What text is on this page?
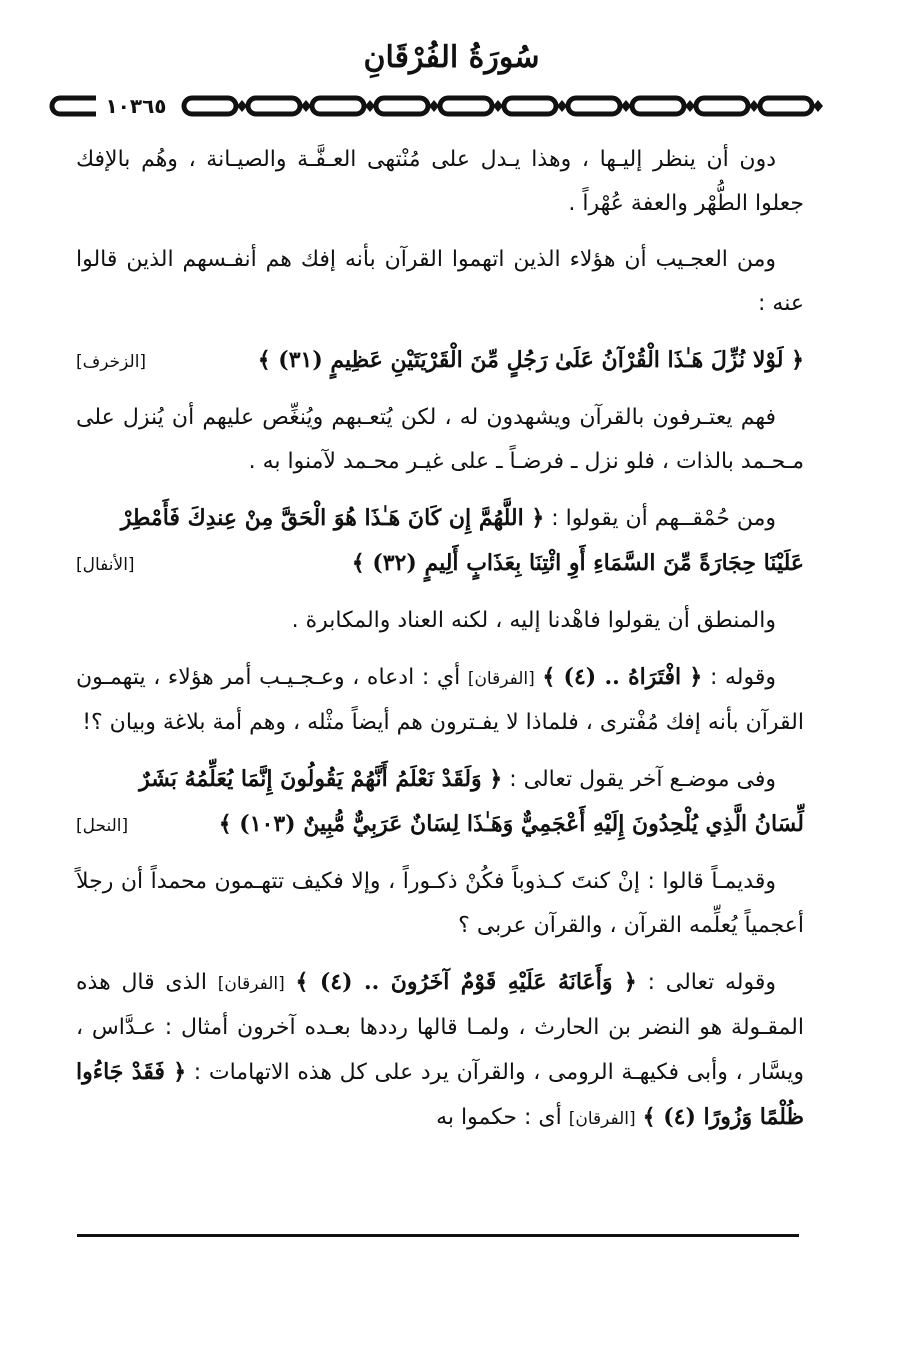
سُورَةُ الفُرْقَانِ
١٠٣٦٥

دون أن ينظر إليـها ، وهذا يـدل على مُنْتهى العـفَّـة والصيـانة ، وهُم بالإفك جعلوا الطُّهْر والعفة عُهْراً .

ومن العجـيب أن هؤلاء الذين اتهموا القرآن بأنه إفك هم أنفـسهم الذين قالوا عنه :

﴿ لَوْلا نُزِّلَ هَـٰذَا الْقُرْآنُ عَلَىٰ رَجُلٍ مِّنَ الْقَرْيَتَيْنِ عَظِيمٍ (٣١) ﴾
[الزخرف]

فهم يعتـرفون بالقرآن ويشهدون له ، لكن يُتعـبهم ويُنغِّص عليهم أن يُنزل على مـحـمد بالذات ، فلو نزل ـ فرضـاً ـ على غيـر محـمد لآمنوا به .

ومن حُمْقــهم أن يقولوا : ﴿ اللَّهُمَّ إِن كَانَ هَـٰذَا هُوَ الْحَقَّ مِنْ عِندِكَ فَأَمْطِرْ

عَلَيْنَا حِجَارَةً مِّنَ السَّمَاءِ أَوِ ائْتِنَا بِعَذَابٍ أَلِيمٍ (٣٢) ﴾
[الأنفال]

والمنطق أن يقولوا فاهْدنا إليه ، لكنه العناد والمكابرة .

وقوله : ﴿ افْتَرَاهُ .. (٤) ﴾ [الفرقان] أي : ادعاه ، وعـجـيـب أمر هؤلاء ، يتهمـون القرآن بأنه إفك مُفْترى ، فلماذا لا يفـترون هم أيضاً مثْله ، وهم أمة بلاغة وبيان ؟!

وفى موضـع آخر يقول تعالى : ﴿ وَلَقَدْ نَعْلَمُ أَنَّهُمْ يَقُولُونَ إِنَّمَا يُعَلِّمُهُ بَشَرٌ

لِّسَانُ الَّذِي يُلْحِدُونَ إِلَيْهِ أَعْجَمِيٌّ وَهَـٰذَا لِسَانٌ عَرَبِيٌّ مُّبِينٌ (١٠٣) ﴾
[النحل]

وقديمـاً قالوا : إنْ كنتَ كـذوباً فكُنْ ذكـوراً ، وإلا فكيف تتهـمون محمداً أن رجلاً أعجمياً يُعلِّمه القرآن ، والقرآن عربى ؟

وقوله تعالى : ﴿ وَأَعَانَهُ عَلَيْهِ قَوْمٌ آخَرُونَ .. (٤) ﴾ [الفرقان] الذى قال هذه المقـولة هو النضر بن الحارث ، ولمـا قالها رددها بعـده آخرون أمثال : عـدَّاس ، ويسَّار ، وأبى فكيهـة الرومى ، والقرآن يرد على كل هذه الاتهامات : ﴿ فَقَدْ جَاءُوا ظُلْمًا وَزُورًا (٤) ﴾ [الفرقان] أى : حكموا به
